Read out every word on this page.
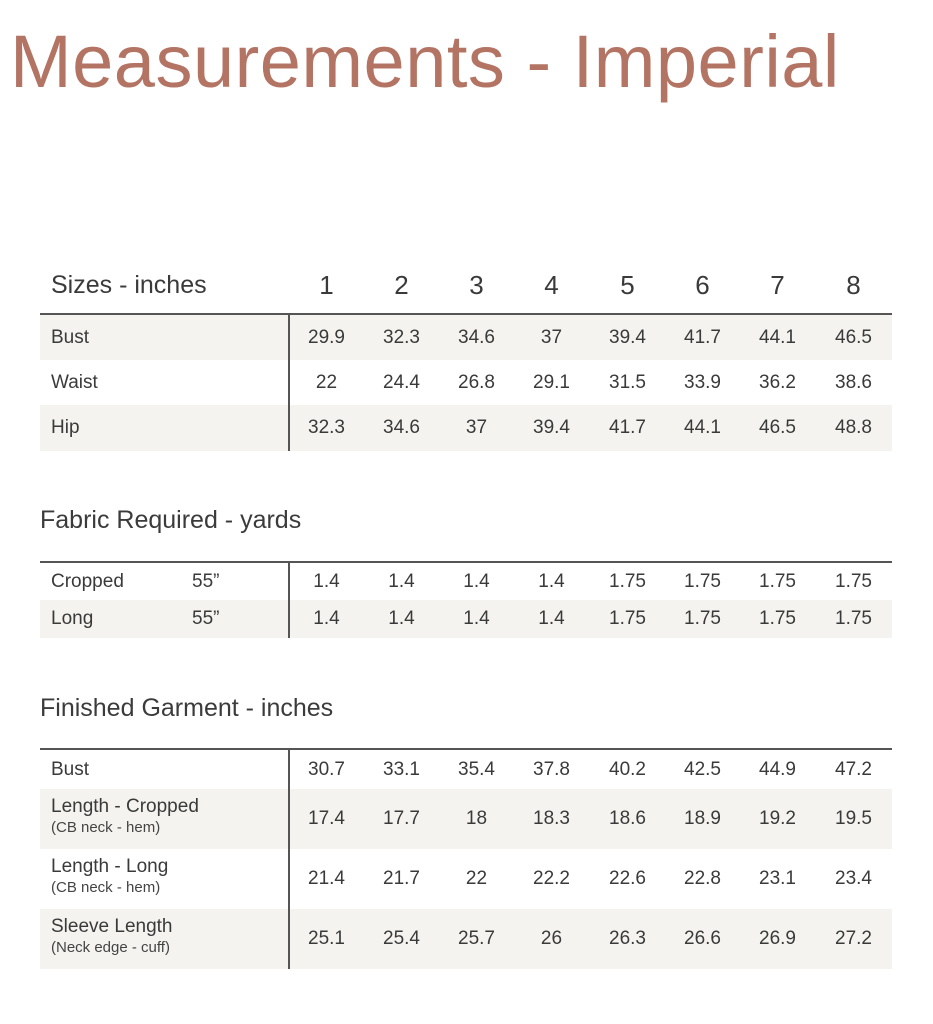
Measurements - Imperial
Sizes - inches	1	2	3	4	5	6	7	8
Bust	29.9	32.3	34.6	37	39.4	41.7	44.1	46.5
Waist	22	24.4	26.8	29.1	31.5	33.9	36.2	38.6
Hip	32.3	34.6	37	39.4	41.7	44.1	46.5	48.8
Fabric Required - yards
Cropped	55”	1.4	1.4	1.4	1.4	1.75	1.75	1.75	1.75
Long	55”	1.4	1.4	1.4	1.4	1.75	1.75	1.75	1.75
Finished Garment - inches
Bust	30.7	33.1	35.4	37.8	40.2	42.5	44.9	47.2
Length - Cropped
(CB neck - hem)	17.4	17.7	18	18.3	18.6	18.9	19.2	19.5
Length - Long
(CB neck - hem)	21.4	21.7	22	22.2	22.6	22.8	23.1	23.4
Sleeve Length
(Neck edge - cuff)	25.1	25.4	25.7	26	26.3	26.6	26.9	27.2
